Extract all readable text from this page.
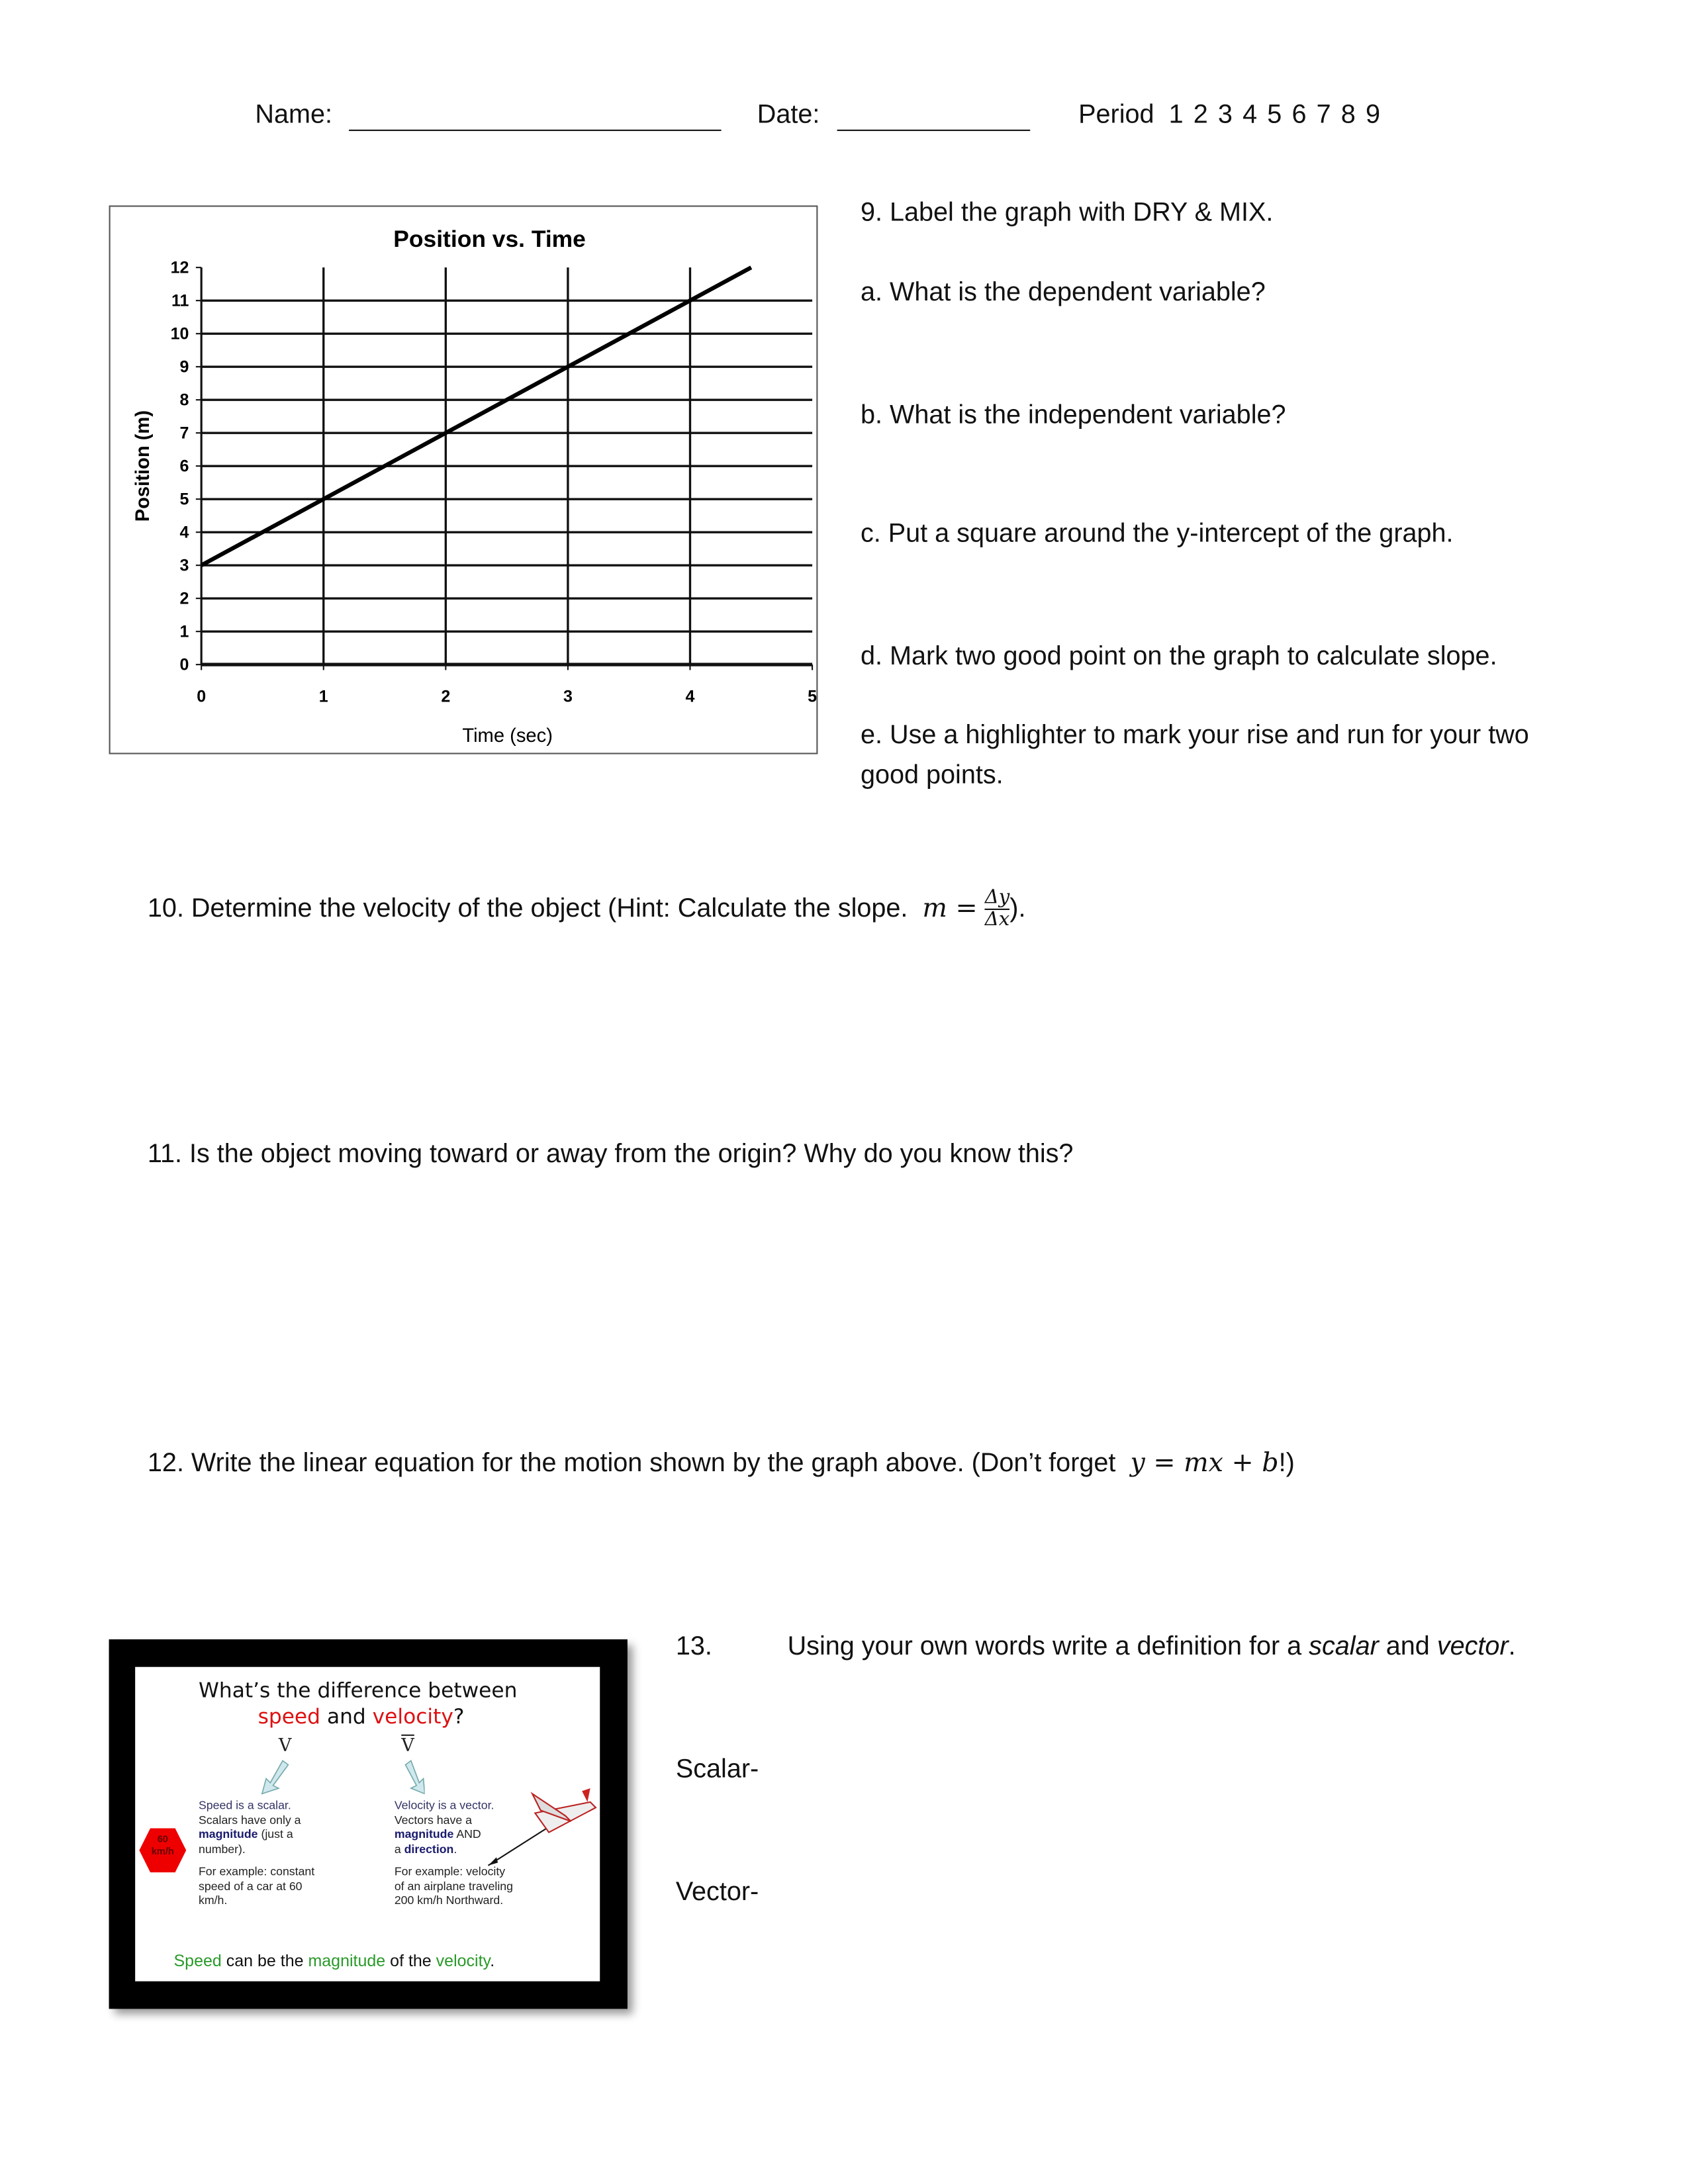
Name:	Date:	Period 1 2 3 4 5 6 7 8 9
0
1
2
3
4
5
6
7
8
9
10
11
12
0	1	2	3	4	5
Position vs. Time
Time (sec)
Position (m)
9. Label the graph with DRY & MIX.
a. What is the dependent variable?
b. What is the independent variable?
c. Put a square around the y-intercept of the graph.
d. Mark two good point on the graph to calculate slope.
e. Use a highlighter to mark your rise and run for your two
good points.
10. Determine the velocity of the object (Hint: Calculate the slope. $m = \frac{\Delta y}{\Delta x}$ ).
11. Is the object moving toward or away from the origin? Why do you know this?
12. Write the linear equation for the motion shown by the graph above. (Don’t forget y = mx + b!)
What’s the difference between
speed and velocity?
V	$\overline{V}$
60
km/h
Speed is a scalar.
Scalars have only a
magnitude (just a
number).
For example: constant
speed of a car at 60
km/h.
Velocity is a vector.
Vectors have a
magnitude AND
a direction.
For example: velocity
of an airplane traveling
200 km/h Northward.
Speed can be the magnitude of the velocity.
13.	Using your own words write a definition for a scalar and vector.
Scalar-
Vector-
